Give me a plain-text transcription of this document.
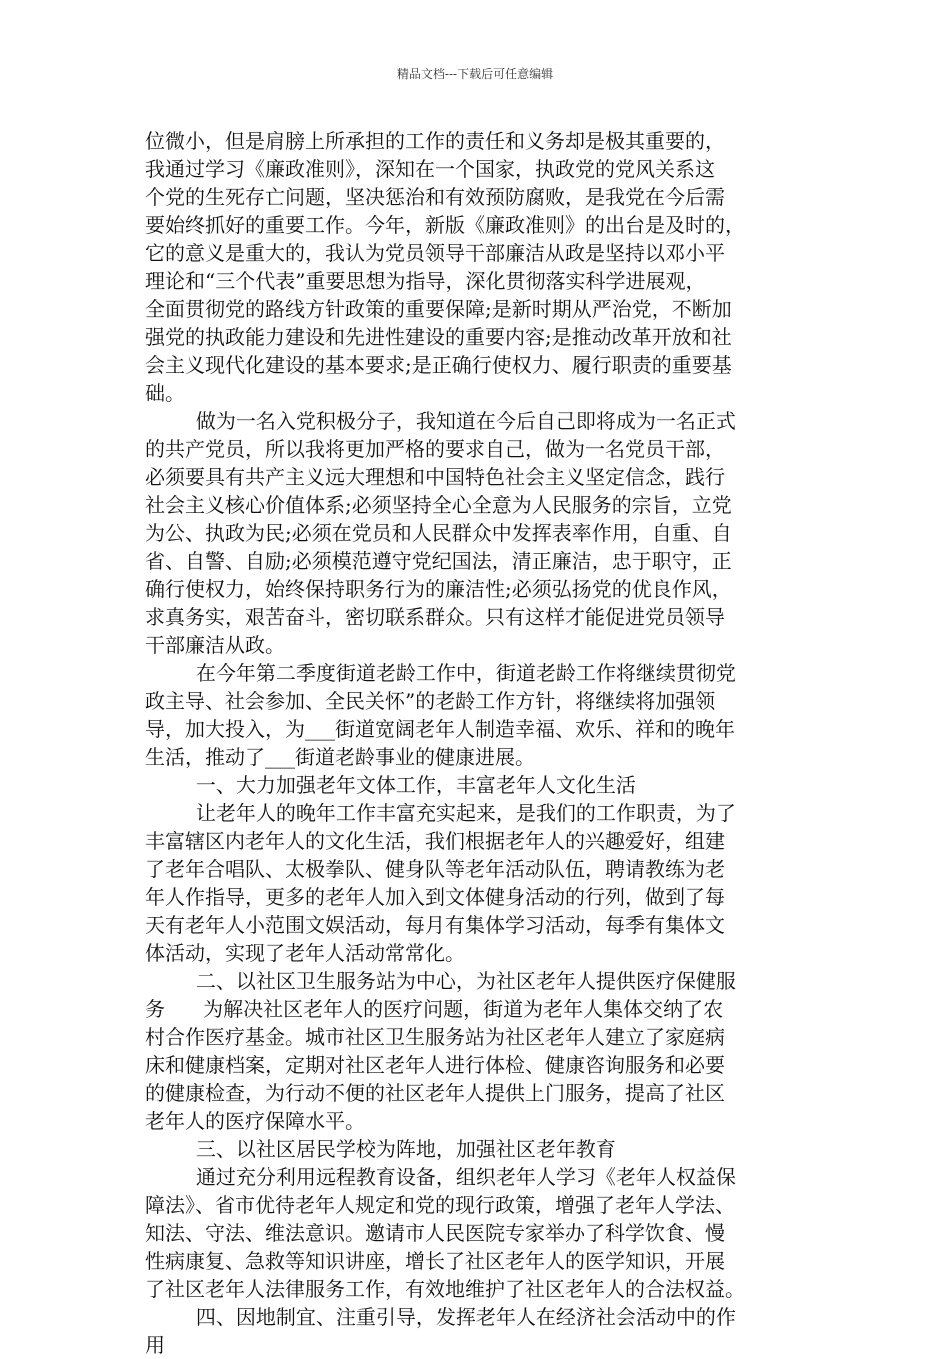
精品文档---下载后可任意编辑
位微小，但是肩膀上所承担的工作的责任和义务却是极其重要的，
我通过学习《廉政准则》，深知在一个国家，执政党的党风关系这
个党的生死存亡问题，坚决惩治和有效预防腐败，是我党在今后需
要始终抓好的重要工作。今年，新版《廉政准则》的出台是及时的，
它的意义是重大的，我认为党员领导干部廉洁从政是坚持以邓小平
理论和“三个代表”重要思想为指导，深化贯彻落实科学进展观，
全面贯彻党的路线方针政策的重要保障;是新时期从严治党，不断加
强党的执政能力建设和先进性建设的重要内容;是推动改革开放和社
会主义现代化建设的基本要求;是正确行使权力、履行职责的重要基
础。
做为一名入党积极分子，我知道在今后自己即将成为一名正式
的共产党员，所以我将更加严格的要求自己，做为一名党员干部，
必须要具有共产主义远大理想和中国特色社会主义坚定信念，践行
社会主义核心价值体系;必须坚持全心全意为人民服务的宗旨，立党
为公、执政为民;必须在党员和人民群众中发挥表率作用，自重、自
省、自警、自励;必须模范遵守党纪国法，清正廉洁，忠于职守，正
确行使权力，始终保持职务行为的廉洁性;必须弘扬党的优良作风，
求真务实，艰苦奋斗，密切联系群众。只有这样才能促进党员领导
干部廉洁从政。
在今年第二季度街道老龄工作中，街道老龄工作将继续贯彻党
政主导、社会参加、全民关怀”的老龄工作方针，将继续将加强领
导，加大投入，为___街道宽阔老年人制造幸福、欢乐、祥和的晚年
生活，推动了___街道老龄事业的健康进展。
一、大力加强老年文体工作，丰富老年人文化生活
让老年人的晚年工作丰富充实起来，是我们的工作职责，为了
丰富辖区内老年人的文化生活，我们根据老年人的兴趣爱好，组建
了老年合唱队、太极拳队、健身队等老年活动队伍，聘请教练为老
年人作指导，更多的老年人加入到文体健身活动的行列，做到了每
天有老年人小范围文娱活动，每月有集体学习活动，每季有集体文
体活动，实现了老年人活动常常化。
二、以社区卫生服务站为中心，为社区老年人提供医疗保健服
务      为解决社区老年人的医疗问题，街道为老年人集体交纳了农
村合作医疗基金。城市社区卫生服务站为社区老年人建立了家庭病
床和健康档案，定期对社区老年人进行体检、健康咨询服务和必要
的健康检查，为行动不便的社区老年人提供上门服务，提高了社区
老年人的医疗保障水平。
三、以社区居民学校为阵地，加强社区老年教育
通过充分利用远程教育设备，组织老年人学习《老年人权益保
障法》、省市优待老年人规定和党的现行政策，增强了老年人学法、
知法、守法、维法意识。邀请市人民医院专家举办了科学饮食、慢
性病康复、急救等知识讲座，增长了社区老年人的医学知识，开展
了社区老年人法律服务工作，有效地维护了社区老年人的合法权益。
四、因地制宜、注重引导，发挥老年人在经济社会活动中的作
用
